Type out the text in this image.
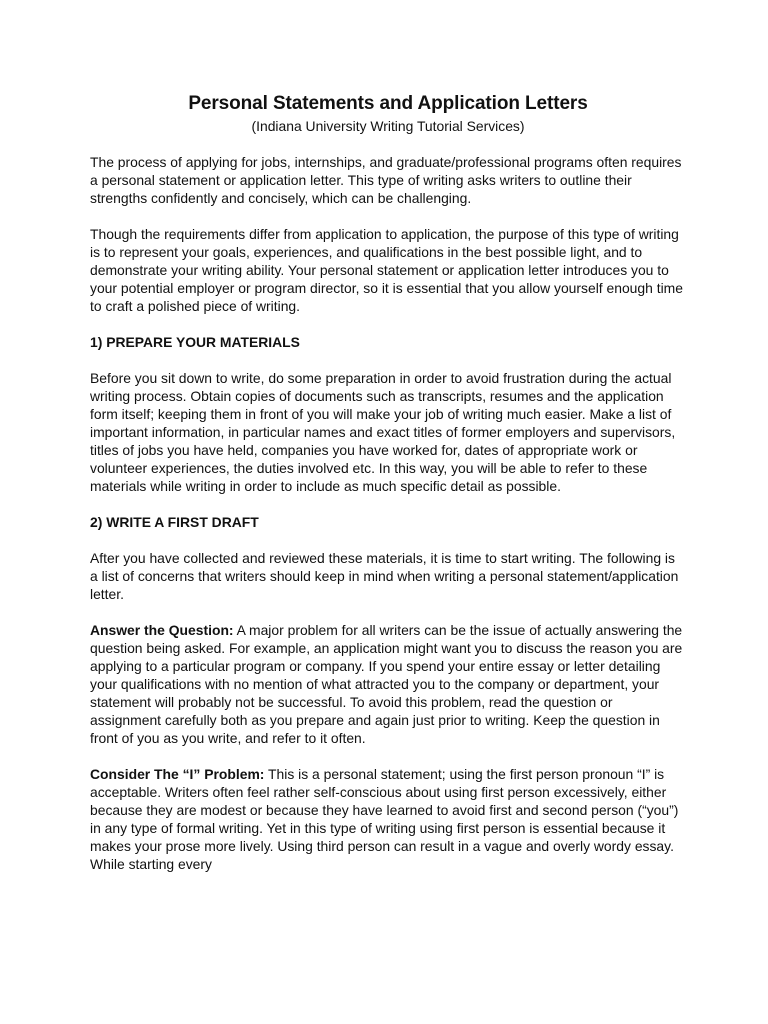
Personal Statements and Application Letters
(Indiana University Writing Tutorial Services)

The process of applying for jobs, internships, and graduate/professional programs often requires a personal statement or application letter. This type of writing asks writers to outline their strengths confidently and concisely, which can be challenging.

Though the requirements differ from application to application, the purpose of this type of writing is to represent your goals, experiences, and qualifications in the best possible light, and to demonstrate your writing ability. Your personal statement or application letter introduces you to your potential employer or program director, so it is essential that you allow yourself enough time to craft a polished piece of writing.

1) PREPARE YOUR MATERIALS

Before you sit down to write, do some preparation in order to avoid frustration during the actual writing process. Obtain copies of documents such as transcripts, resumes and the application form itself; keeping them in front of you will make your job of writing much easier. Make a list of important information, in particular names and exact titles of former employers and supervisors, titles of jobs you have held, companies you have worked for, dates of appropriate work or volunteer experiences, the duties involved etc. In this way, you will be able to refer to these materials while writing in order to include as much specific detail as possible.

2) WRITE A FIRST DRAFT

After you have collected and reviewed these materials, it is time to start writing. The following is a list of concerns that writers should keep in mind when writing a personal statement/application letter.

Answer the Question: A major problem for all writers can be the issue of actually answering the question being asked. For example, an application might want you to discuss the reason you are applying to a particular program or company. If you spend your entire essay or letter detailing your qualifications with no mention of what attracted you to the company or department, your statement will probably not be successful. To avoid this problem, read the question or assignment carefully both as you prepare and again just prior to writing. Keep the question in front of you as you write, and refer to it often.

Consider The “I” Problem: This is a personal statement; using the first person pronoun “I” is acceptable. Writers often feel rather self-conscious about using first person excessively, either because they are modest or because they have learned to avoid first and second person (“you”) in any type of formal writing. Yet in this type of writing using first person is essential because it makes your prose more lively. Using third person can result in a vague and overly wordy essay. While starting every
